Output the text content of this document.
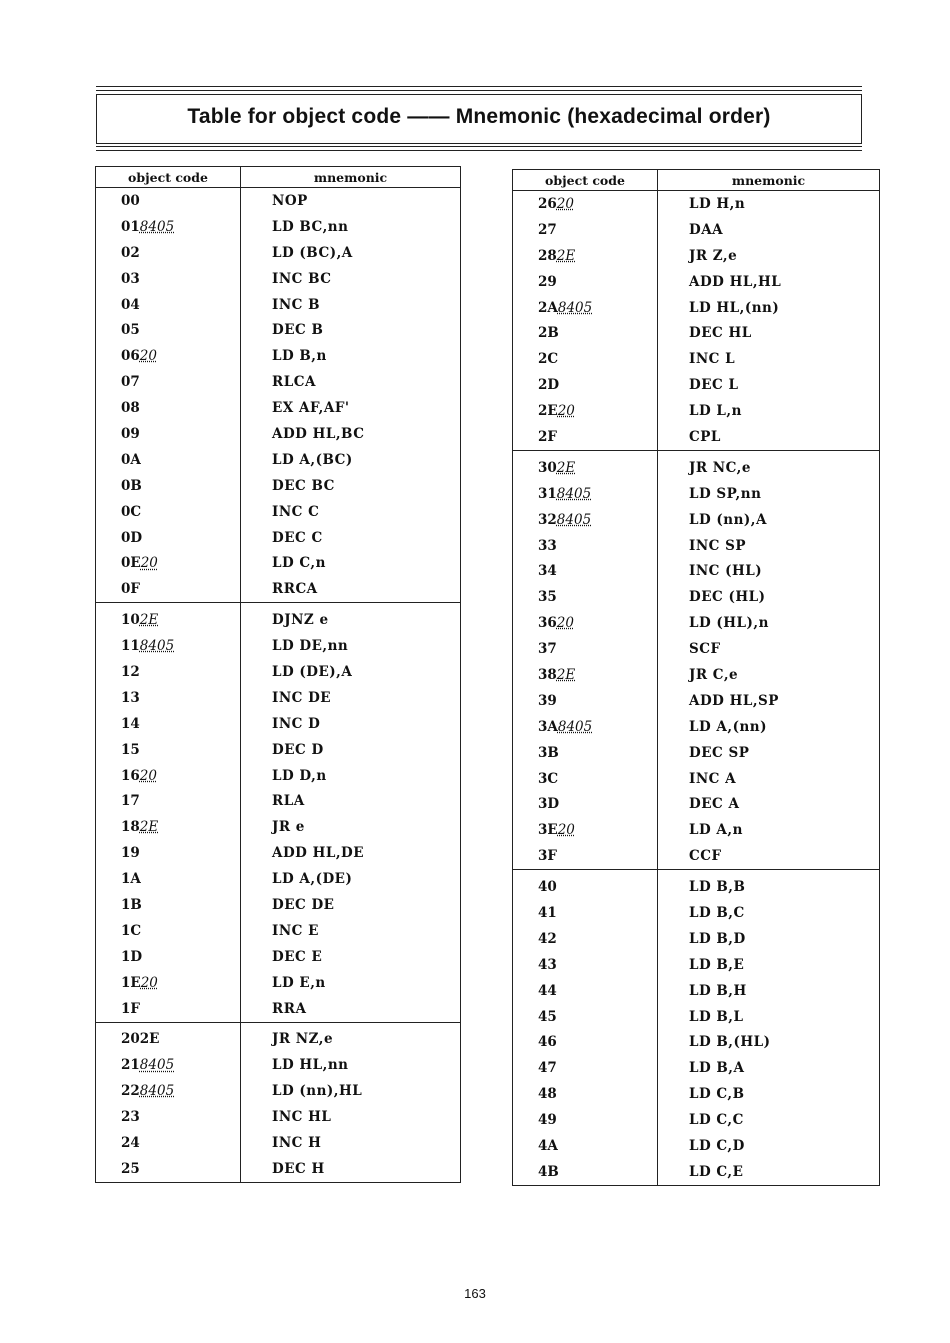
Table for object code —— Mnemonic (hexadecimal order)
object code	mnemonic
00	NOP
018405	LD BC,nn
02	LD (BC),A
03	INC BC
04	INC B
05	DEC B
0620	LD B,n
07	RLCA
08	EX AF,AF'
09	ADD HL,BC
0A	LD A,(BC)
0B	DEC BC
0C	INC C
0D	DEC C
0E20	LD C,n
0F	RRCA
102E	DJNZ e
118405	LD DE,nn
12	LD (DE),A
13	INC DE
14	INC D
15	DEC D
1620	LD D,n
17	RLA
182E	JR e
19	ADD HL,DE
1A	LD A,(DE)
1B	DEC DE
1C	INC E
1D	DEC E
1E20	LD E,n
1F	RRA
202E	JR NZ,e
218405	LD HL,nn
228405	LD (nn),HL
23	INC HL
24	INC H
25	DEC H
object code	mnemonic
2620	LD H,n
27	DAA
282E	JR Z,e
29	ADD HL,HL
2A8405	LD HL,(nn)
2B	DEC HL
2C	INC L
2D	DEC L
2E20	LD L,n
2F	CPL
302E	JR NC,e
318405	LD SP,nn
328405	LD (nn),A
33	INC SP
34	INC (HL)
35	DEC (HL)
3620	LD (HL),n
37	SCF
382E	JR C,e
39	ADD HL,SP
3A8405	LD A,(nn)
3B	DEC SP
3C	INC A
3D	DEC A
3E20	LD A,n
3F	CCF
40	LD B,B
41	LD B,C
42	LD B,D
43	LD B,E
44	LD B,H
45	LD B,L
46	LD B,(HL)
47	LD B,A
48	LD C,B
49	LD C,C
4A	LD C,D
4B	LD C,E
163
